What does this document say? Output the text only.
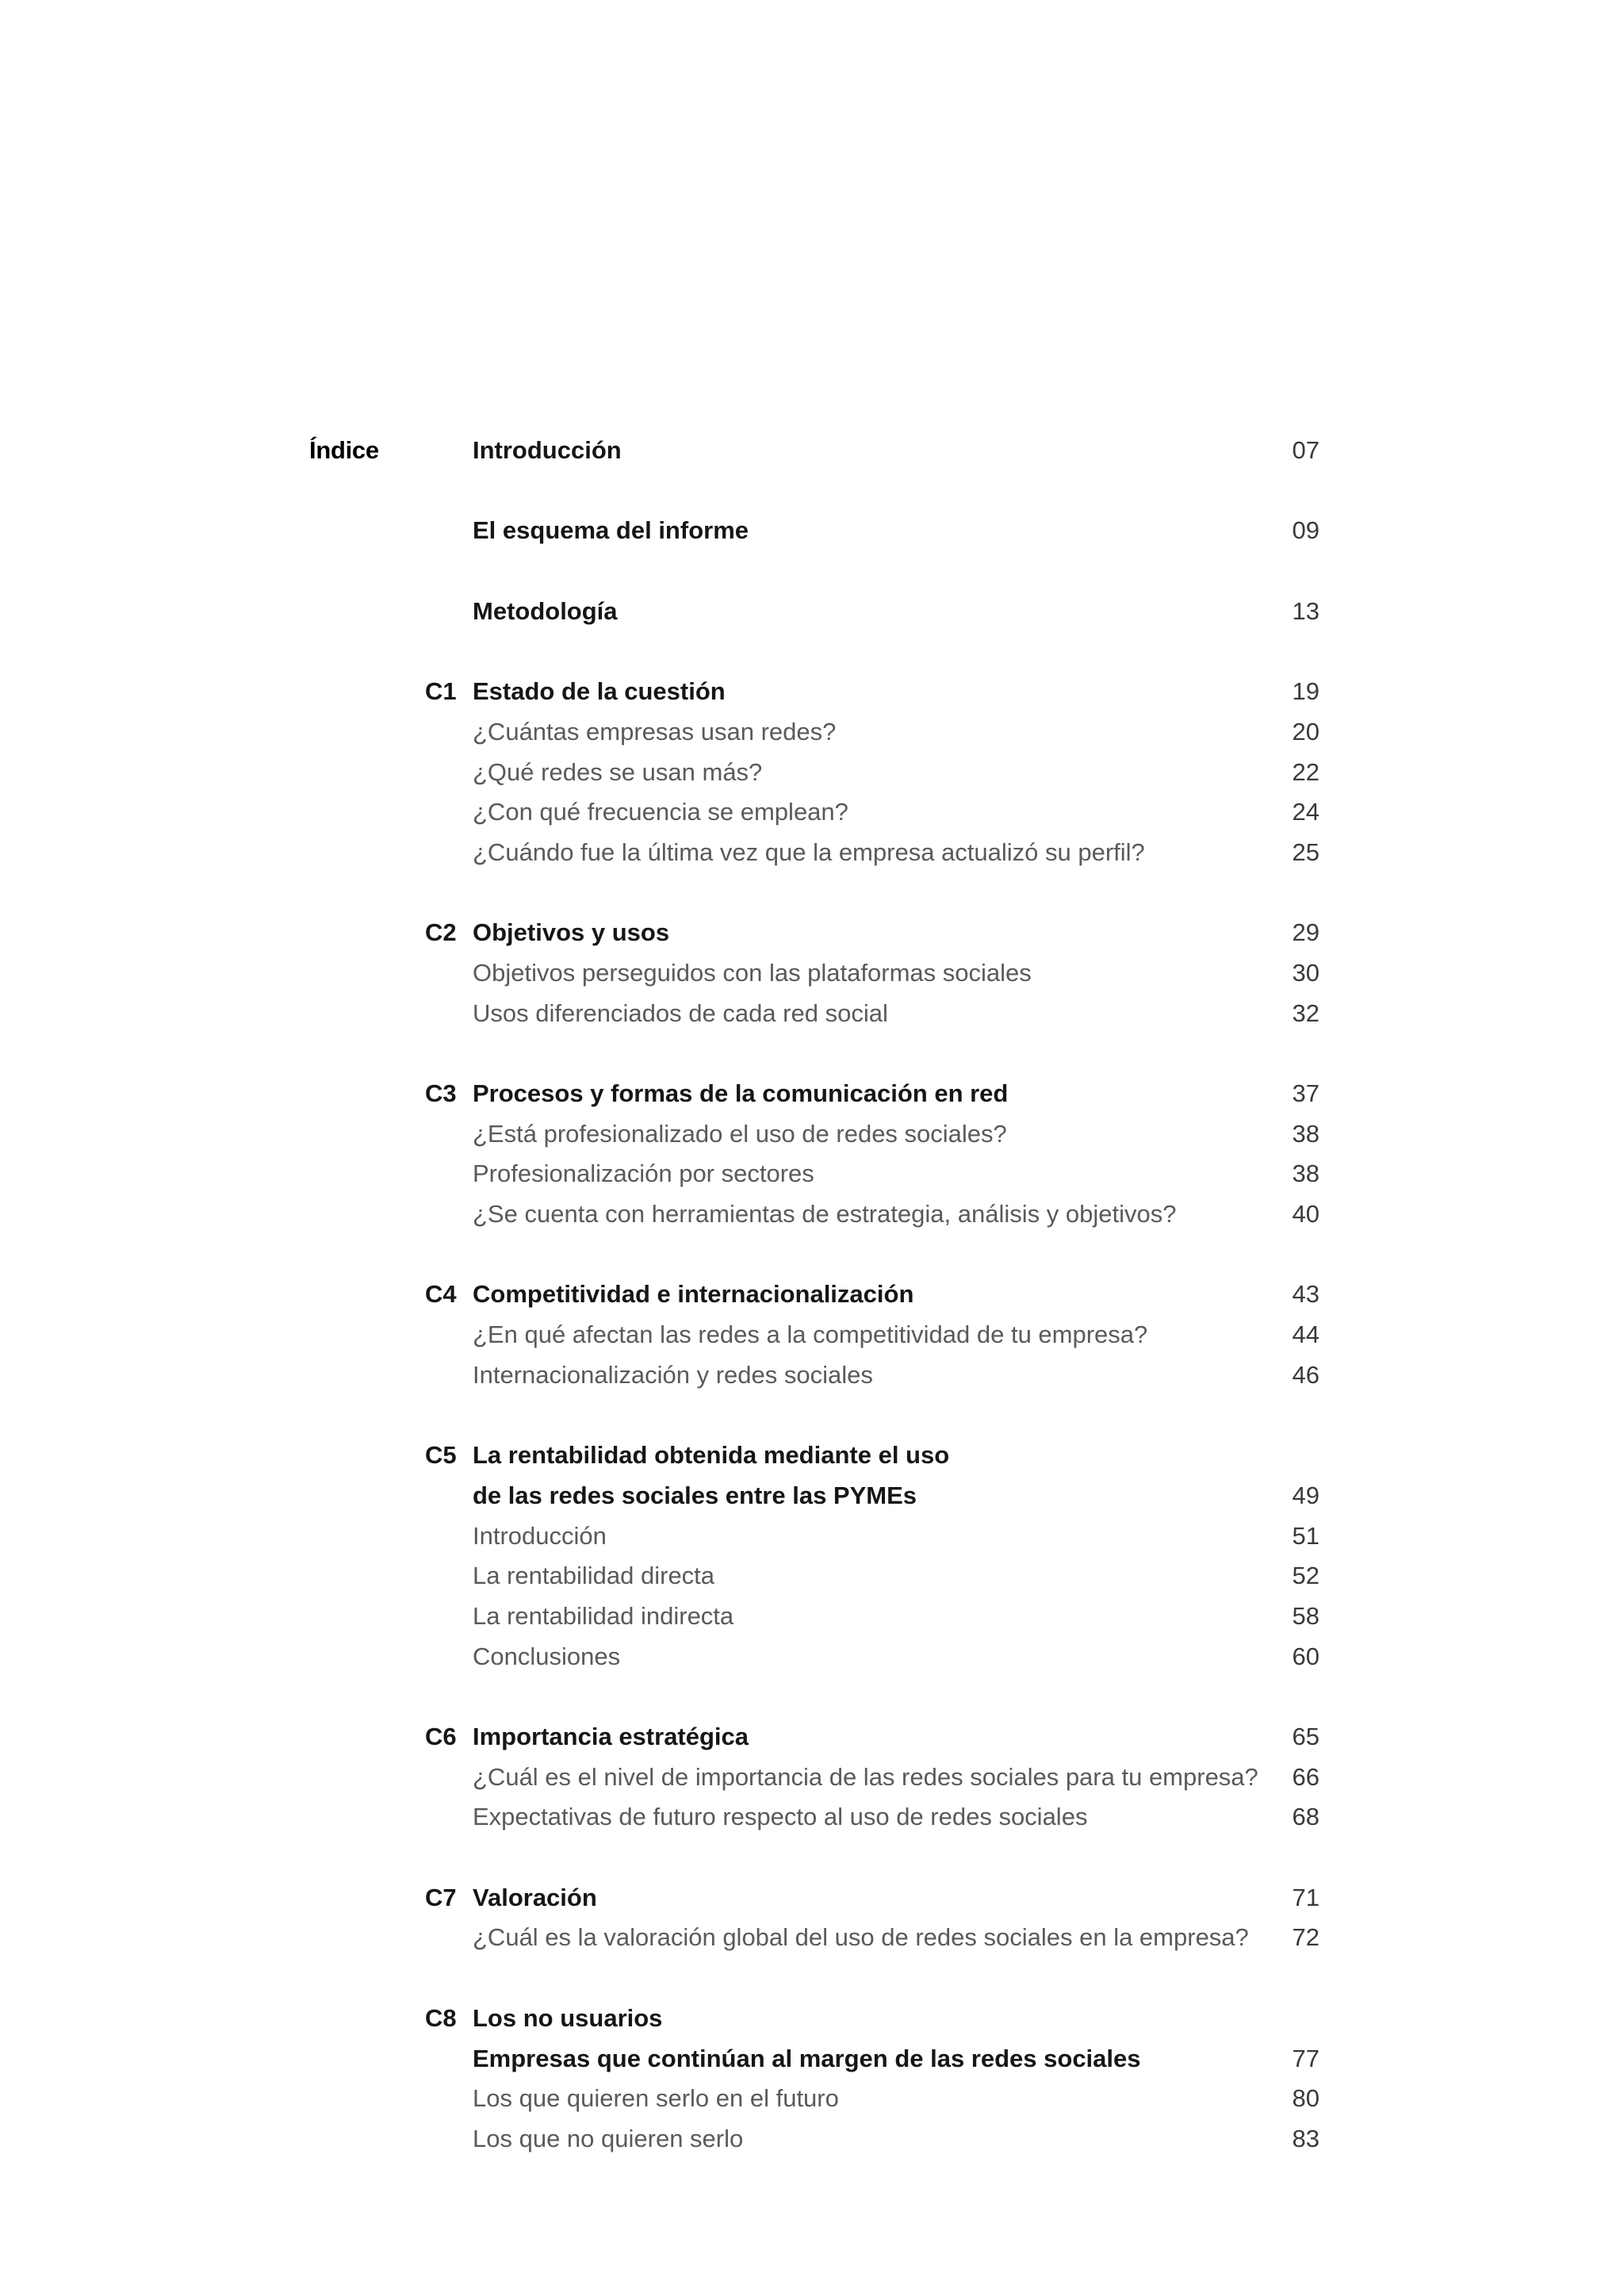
Índice	Introducción	07
El esquema del informe	09
Metodología	13
C1 Estado de la cuestión	19
¿Cuántas empresas usan redes?	20
¿Qué redes se usan más?	22
¿Con qué frecuencia se emplean?	24
¿Cuándo fue la última vez que la empresa actualizó su perfil?	25
C2 Objetivos y usos	29
Objetivos perseguidos con las plataformas sociales	30
Usos diferenciados de cada red social	32
C3 Procesos y formas de la comunicación en red	37
¿Está profesionalizado el uso de redes sociales?	38
Profesionalización por sectores	38
¿Se cuenta con herramientas de estrategia, análisis y objetivos?	40
C4 Competitividad e internacionalización	43
¿En qué afectan las redes a la competitividad de tu empresa?	44
Internacionalización y redes sociales	46
C5 La rentabilidad obtenida mediante el uso
de las redes sociales entre las PYMEs	49
Introducción	51
La rentabilidad directa	52
La rentabilidad indirecta	58
Conclusiones	60
C6 Importancia estratégica	65
¿Cuál es el nivel de importancia de las redes sociales para tu empresa? 66
Expectativas de futuro respecto al uso de redes sociales	68
C7 Valoración	71
¿Cuál es la valoración global del uso de redes sociales en la empresa? 72
C8 Los no usuarios
Empresas que continúan al margen de las redes sociales	77
Los que quieren serlo en el futuro	80
Los que no quieren serlo	83
